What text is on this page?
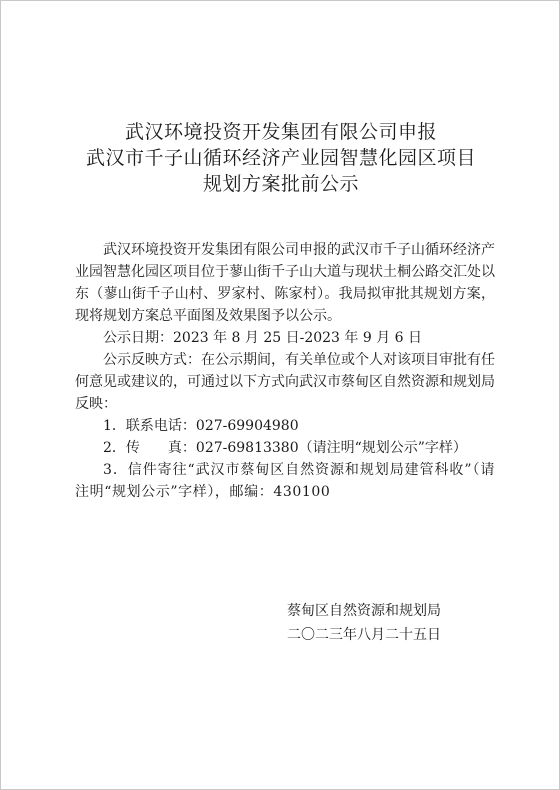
武汉环境投资开发集团有限公司申报
武汉市千子山循环经济产业园智慧化园区项目
规划方案批前公示

武汉环境投资开发集团有限公司申报的武汉市千子山循环经济产业园智慧化园区项目位于蓼山街千子山大道与现状土桐公路交汇处以东（蓼山街千子山村、罗家村、陈家村）。我局拟审批其规划方案，现将规划方案总平面图及效果图予以公示。

公示日期：2023 年 8 月 25 日-2023 年 9 月 6 日

公示反映方式：在公示期间，有关单位或个人对该项目审批有任何意见或建议的，可通过以下方式向武汉市蔡甸区自然资源和规划局反映：

1．联系电话：027-69904980

2．传　　真：027-69813380（请注明“规划公示”字样）

3．信件寄往“武汉市蔡甸区自然资源和规划局建管科收”（请注明“规划公示”字样），邮编：430100

蔡甸区自然资源和规划局
二〇二三年八月二十五日
